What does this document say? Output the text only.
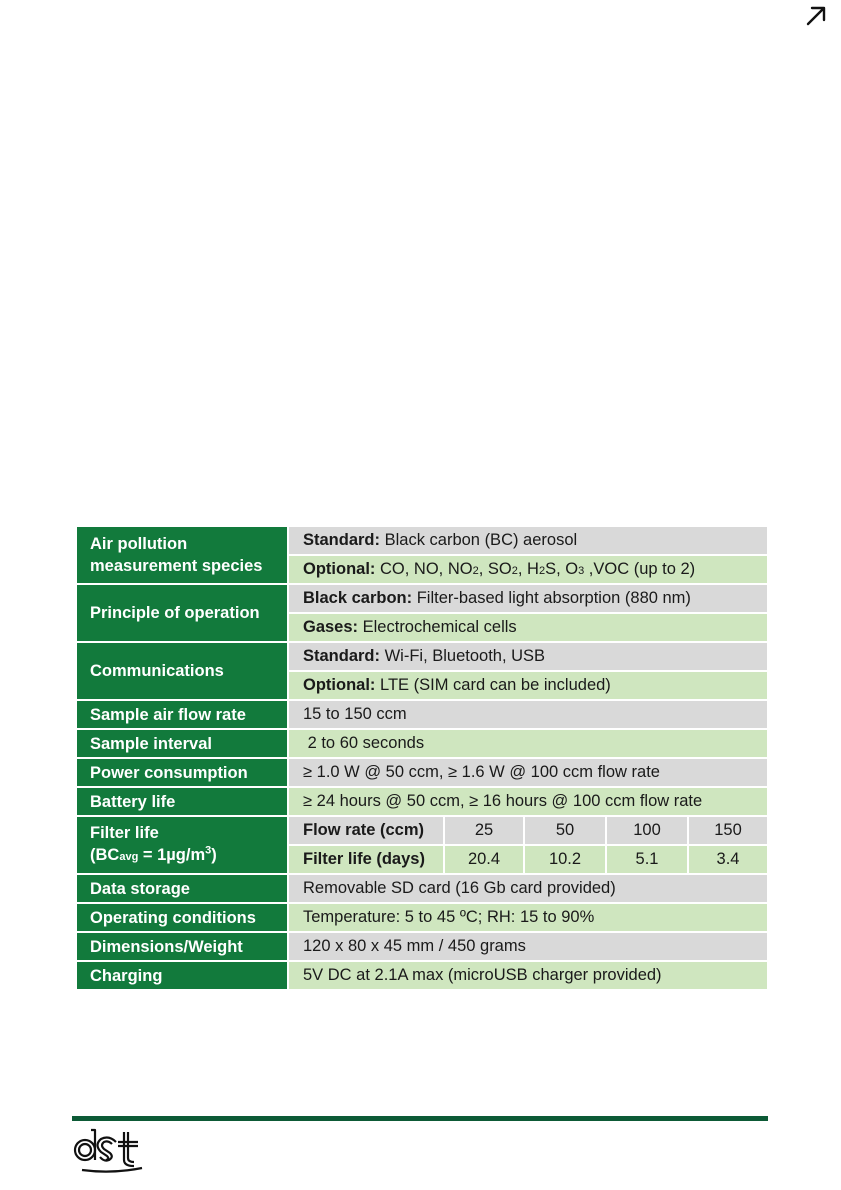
Air pollution
measurement species	Standard: Black carbon (BC) aerosol				
	Optional: CO, NO, NO2, SO2, H2S, O3 ,VOC (up to 2)				
Principle of operation	Black carbon: Filter-based light absorption (880 nm)				
	Gases: Electrochemical cells				
Communications	Standard: Wi-Fi, Bluetooth, USB				
	Optional: LTE (SIM card can be included)				
Sample air flow rate	15 to 150 ccm				
Sample interval	2 to 60 seconds				
Power consumption	≥ 1.0 W @ 50 ccm, ≥ 1.6 W @ 100 ccm flow rate				
Battery life	≥ 24 hours @ 50 ccm, ≥ 16 hours @ 100 ccm flow rate				
Filter life
(BCavg = $1\mu g/m^3$)	Flow rate (ccm)	25	50	100	150
	Filter life (days)	20.4	10.2	5.1	3.4
Data storage	Removable SD card (16 Gb card provided)				
Operating conditions	Temperature: 5 to 45 ºC; RH: 15 to 90%				
Dimensions/Weight	120 x 80 x 45 mm / 450 grams				
Charging	5V DC at 2.1A max (microUSB charger provided)				
